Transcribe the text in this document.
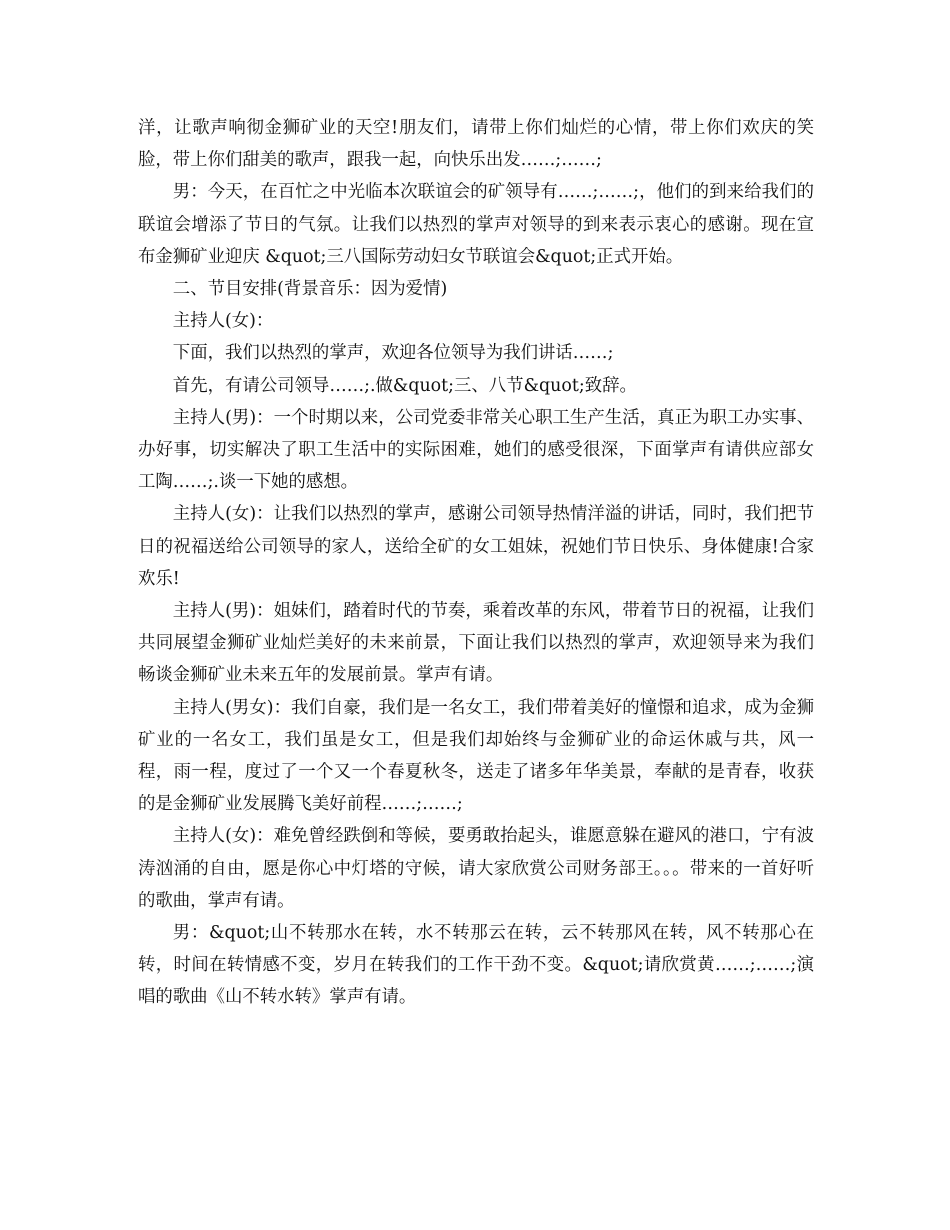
洋，让歌声响彻金狮矿业的天空!朋友们，请带上你们灿烂的心情，带上你们欢庆的笑脸，带上你们甜美的歌声，跟我一起，向快乐出发……;……;

男：今天，在百忙之中光临本次联谊会的矿领导有……;……;，他们的到来给我们的联谊会增添了节日的气氛。让我们以热烈的掌声对领导的到来表示衷心的感谢。现在宣布金狮矿业迎庆 &quot;三八国际劳动妇女节联谊会&quot;正式开始。

二、节目安排(背景音乐：因为爱情)

主持人(女)：

下面，我们以热烈的掌声，欢迎各位领导为我们讲话……;

首先，有请公司领导……;.做&quot;三、八节&quot;致辞。

主持人(男)：一个时期以来，公司党委非常关心职工生产生活，真正为职工办实事、办好事，切实解决了职工生活中的实际困难，她们的感受很深，下面掌声有请供应部女工陶……;.谈一下她的感想。

主持人(女)：让我们以热烈的掌声，感谢公司领导热情洋溢的讲话，同时，我们把节日的祝福送给公司领导的家人，送给全矿的女工姐妹，祝她们节日快乐、身体健康!合家欢乐!

主持人(男)：姐妹们，踏着时代的节奏，乘着改革的东风，带着节日的祝福，让我们共同展望金狮矿业灿烂美好的未来前景，下面让我们以热烈的掌声，欢迎领导来为我们畅谈金狮矿业未来五年的发展前景。掌声有请。

主持人(男女)：我们自豪，我们是一名女工，我们带着美好的憧憬和追求，成为金狮矿业的一名女工，我们虽是女工，但是我们却始终与金狮矿业的命运休戚与共，风一程，雨一程，度过了一个又一个春夏秋冬，送走了诸多年华美景，奉献的是青春，收获的是金狮矿业发展腾飞美好前程……;……;

主持人(女)：难免曾经跌倒和等候，要勇敢抬起头，谁愿意躲在避风的港口，宁有波涛汹涌的自由，愿是你心中灯塔的守候，请大家欣赏公司财务部王。。。带来的一首好听的歌曲，掌声有请。

男：&quot;山不转那水在转，水不转那云在转，云不转那风在转，风不转那心在转，时间在转情感不变，岁月在转我们的工作干劲不变。&quot;请欣赏黄……;……;演唱的歌曲《山不转水转》掌声有请。
